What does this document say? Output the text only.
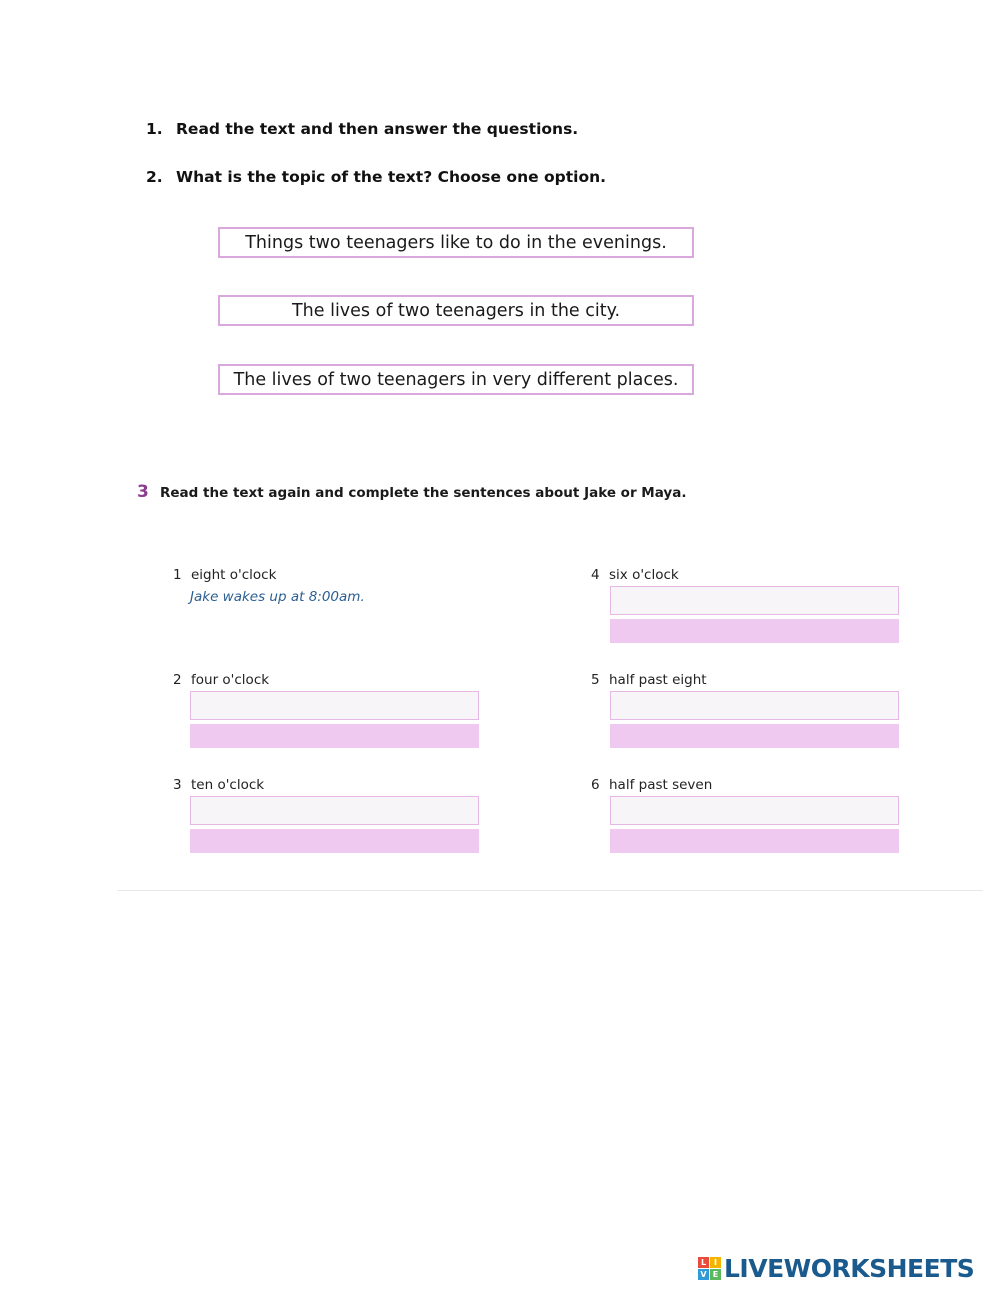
1. Read the text and then answer the questions.
2. What is the topic of the text? Choose one option.
Things two teenagers like to do in the evenings.
The lives of two teenagers in the city.
The lives of two teenagers in very different places.
3 Read the text again and complete the sentences about Jake or Maya.
1 eight o'clock
Jake wakes up at 8:00am.
2 four o'clock
3 ten o'clock
4 six o'clock
5 half past eight
6 half past seven
L I
V E LIVEWORKSHEETS
